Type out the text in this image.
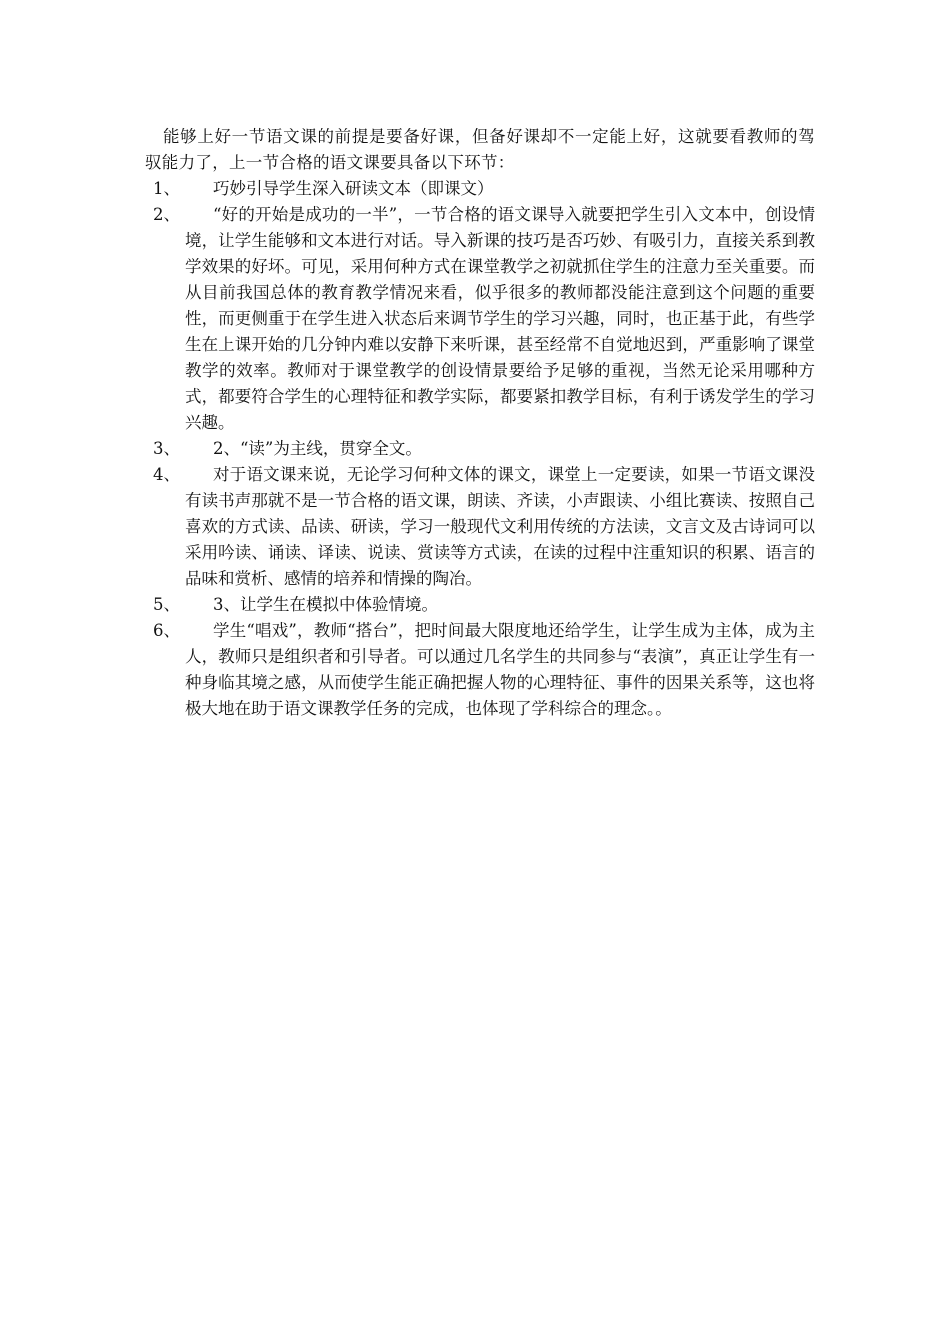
能够上好一节语文课的前提是要备好课，但备好课却不一定能上好，这就要看教师的驾驭能力了，上一节合格的语文课要具备以下环节：

1、	巧妙引导学生深入研读文本（即课文）
2、	“好的开始是成功的一半”，一节合格的语文课导入就要把学生引入文本中，创设情境，让学生能够和文本进行对话。导入新课的技巧是否巧妙、有吸引力，直接关系到教学效果的好坏。可见，采用何种方式在课堂教学之初就抓住学生的注意力至关重要。而从目前我国总体的教育教学情况来看，似乎很多的教师都没能注意到这个问题的重要性，而更侧重于在学生进入状态后来调节学生的学习兴趣，同时，也正基于此，有些学生在上课开始的几分钟内难以安静下来听课，甚至经常不自觉地迟到，严重影响了课堂教学的效率。教师对于课堂教学的创设情景要给予足够的重视，当然无论采用哪种方式，都要符合学生的心理特征和教学实际，都要紧扣教学目标，有利于诱发学生的学习兴趣。
3、	2、“读”为主线，贯穿全文。
4、	对于语文课来说，无论学习何种文体的课文，课堂上一定要读，如果一节语文课没有读书声那就不是一节合格的语文课，朗读、齐读，小声跟读、小组比赛读、按照自己喜欢的方式读、品读、研读，学习一般现代文利用传统的方法读，文言文及古诗词可以采用吟读、诵读、译读、说读、赏读等方式读，在读的过程中注重知识的积累、语言的品味和赏析、感情的培养和情操的陶冶。
5、	3、让学生在模拟中体验情境。
6、	学生“唱戏”，教师“搭台”，把时间最大限度地还给学生，让学生成为主体，成为主人，教师只是组织者和引导者。可以通过几名学生的共同参与“表演”，真正让学生有一种身临其境之感，从而使学生能正确把握人物的心理特征、事件的因果关系等，这也将极大地在助于语文课教学任务的完成，也体现了学科综合的理念。。
